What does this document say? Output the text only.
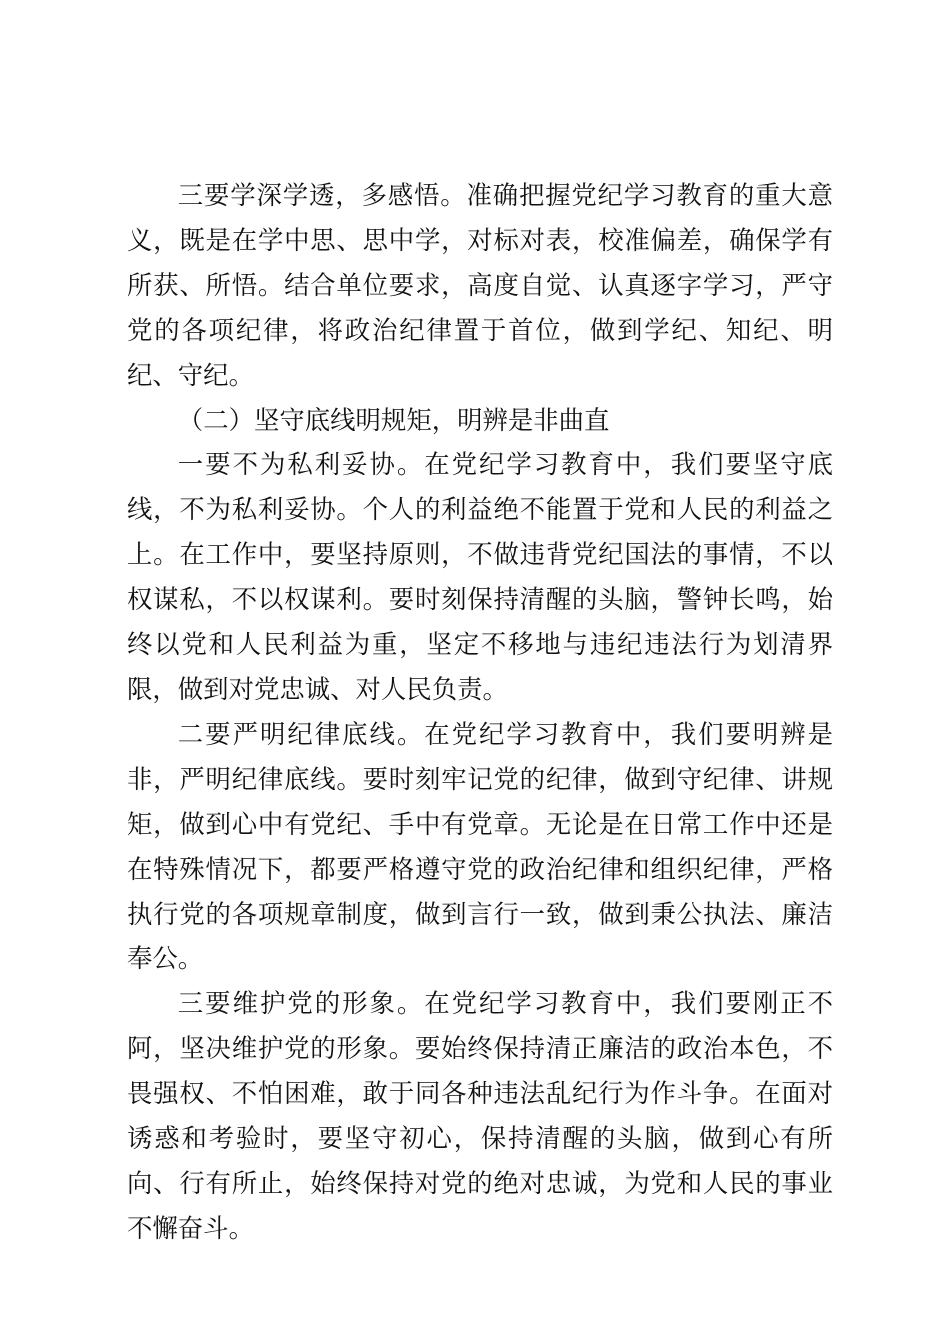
三要学深学透，多感悟。准确把握党纪学习教育的重大意义，既是在学中思、思中学，对标对表，校准偏差，确保学有所获、所悟。结合单位要求，高度自觉、认真逐字学习，严守党的各项纪律，将政治纪律置于首位，做到学纪、知纪、明纪、守纪。

（二）坚守底线明规矩，明辨是非曲直

一要不为私利妥协。在党纪学习教育中，我们要坚守底线，不为私利妥协。个人的利益绝不能置于党和人民的利益之上。在工作中，要坚持原则，不做违背党纪国法的事情，不以权谋私，不以权谋利。要时刻保持清醒的头脑，警钟长鸣，始终以党和人民利益为重，坚定不移地与违纪违法行为划清界限，做到对党忠诚、对人民负责。

二要严明纪律底线。在党纪学习教育中，我们要明辨是非，严明纪律底线。要时刻牢记党的纪律，做到守纪律、讲规矩，做到心中有党纪、手中有党章。无论是在日常工作中还是在特殊情况下，都要严格遵守党的政治纪律和组织纪律，严格执行党的各项规章制度，做到言行一致，做到秉公执法、廉洁奉公。

三要维护党的形象。在党纪学习教育中，我们要刚正不阿，坚决维护党的形象。要始终保持清正廉洁的政治本色，不畏强权、不怕困难，敢于同各种违法乱纪行为作斗争。在面对诱惑和考验时，要坚守初心，保持清醒的头脑，做到心有所向、行有所止，始终保持对党的绝对忠诚，为党和人民的事业不懈奋斗。
